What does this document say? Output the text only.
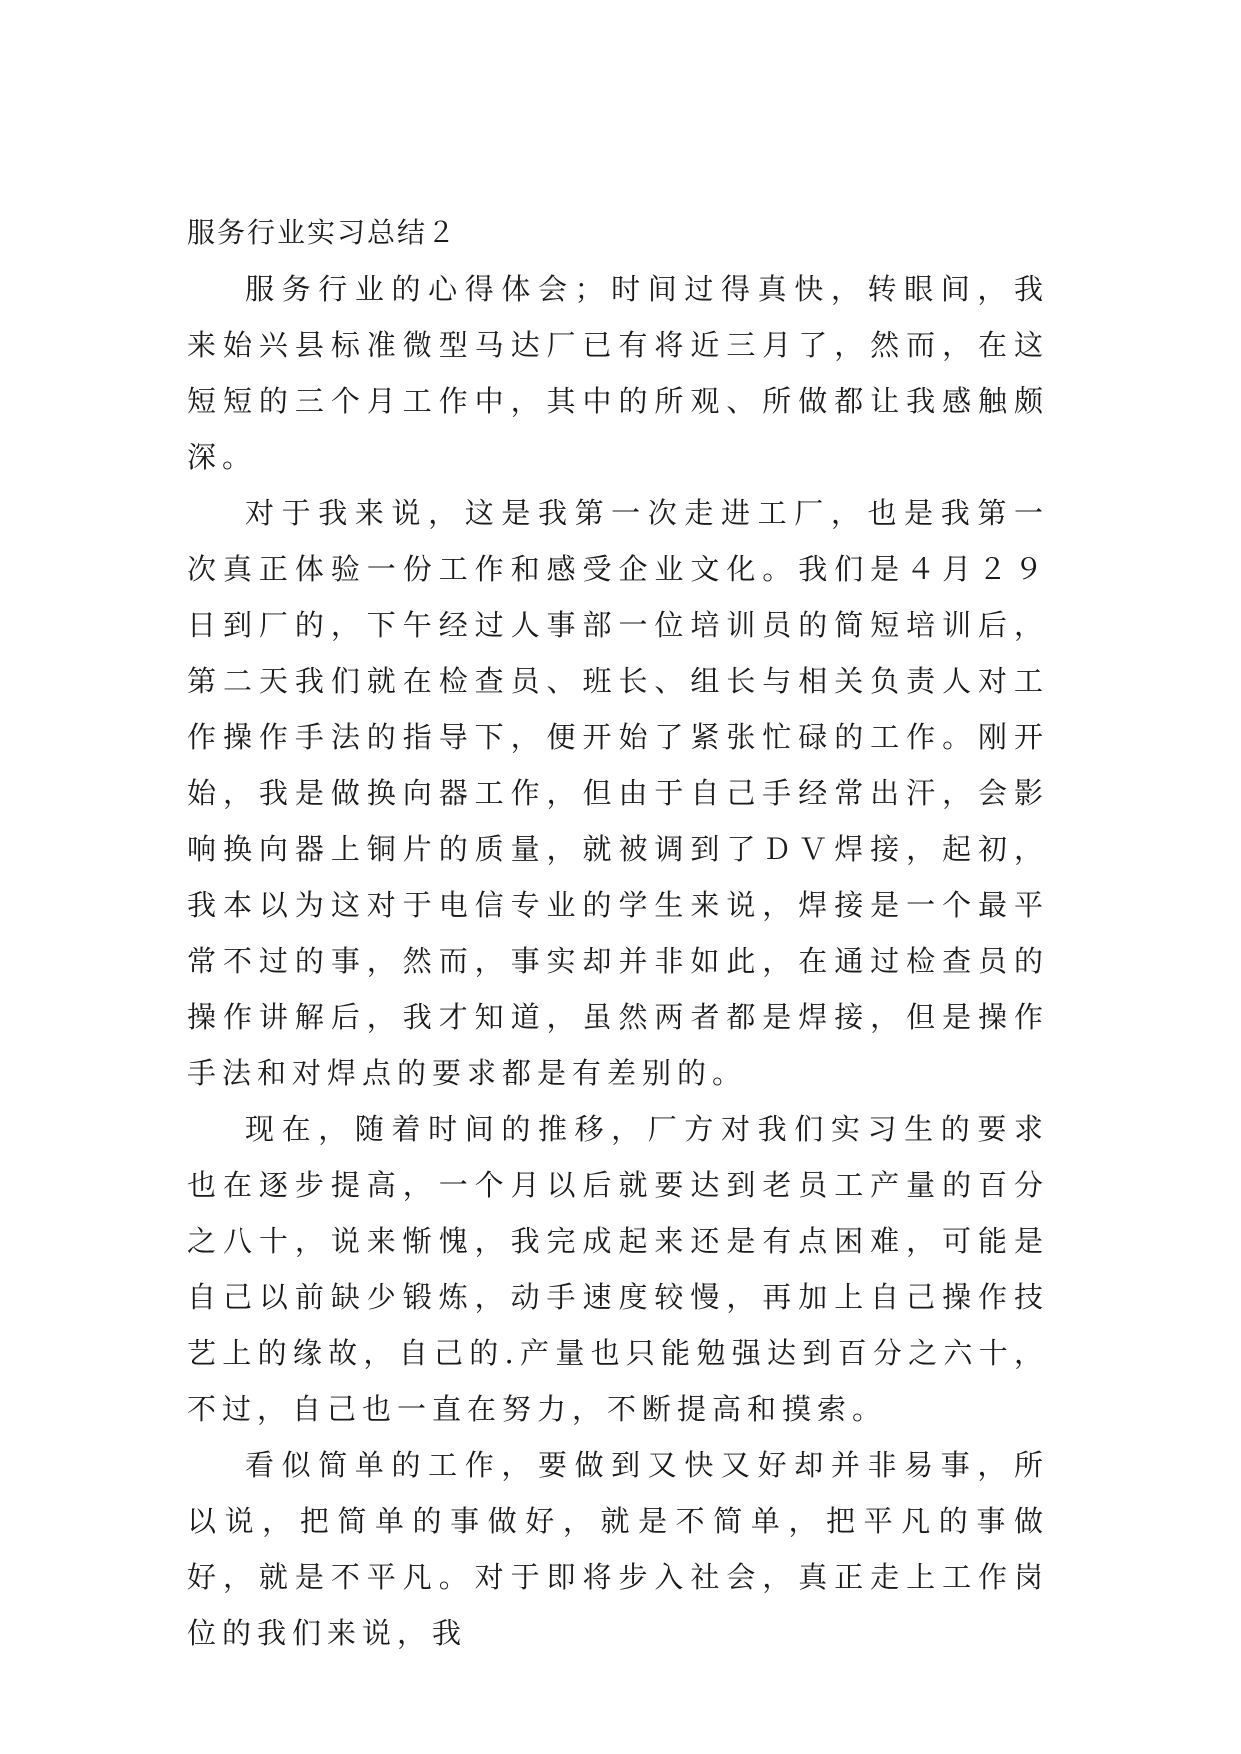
服务行业实习总结２

服务行业的心得体会；时间过得真快，转眼间，我来始兴县标准微型马达厂已有将近三月了，然而，在这短短的三个月工作中，其中的所观、所做都让我感触颇深。

对于我来说，这是我第一次走进工厂，也是我第一次真正体验一份工作和感受企业文化。我们是４月２９日到厂的，下午经过人事部一位培训员的简短培训后，第二天我们就在检查员、班长、组长与相关负责人对工作操作手法的指导下，便开始了紧张忙碌的工作。刚开始，我是做换向器工作，但由于自己手经常出汗，会影响换向器上铜片的质量，就被调到了ＤＶ焊接，起初，我本以为这对于电信专业的学生来说，焊接是一个最平常不过的事，然而，事实却并非如此，在通过检查员的操作讲解后，我才知道，虽然两者都是焊接，但是操作手法和对焊点的要求都是有差别的。

现在，随着时间的推移，厂方对我们实习生的要求也在逐步提高，一个月以后就要达到老员工产量的百分之八十，说来惭愧，我完成起来还是有点困难，可能是自己以前缺少锻炼，动手速度较慢，再加上自己操作技艺上的缘故，自己的.产量也只能勉强达到百分之六十，不过，自己也一直在努力，不断提高和摸索。

看似简单的工作，要做到又快又好却并非易事，所以说，把简单的事做好，就是不简单，把平凡的事做好，就是不平凡。对于即将步入社会，真正走上工作岗位的我们来说，我
